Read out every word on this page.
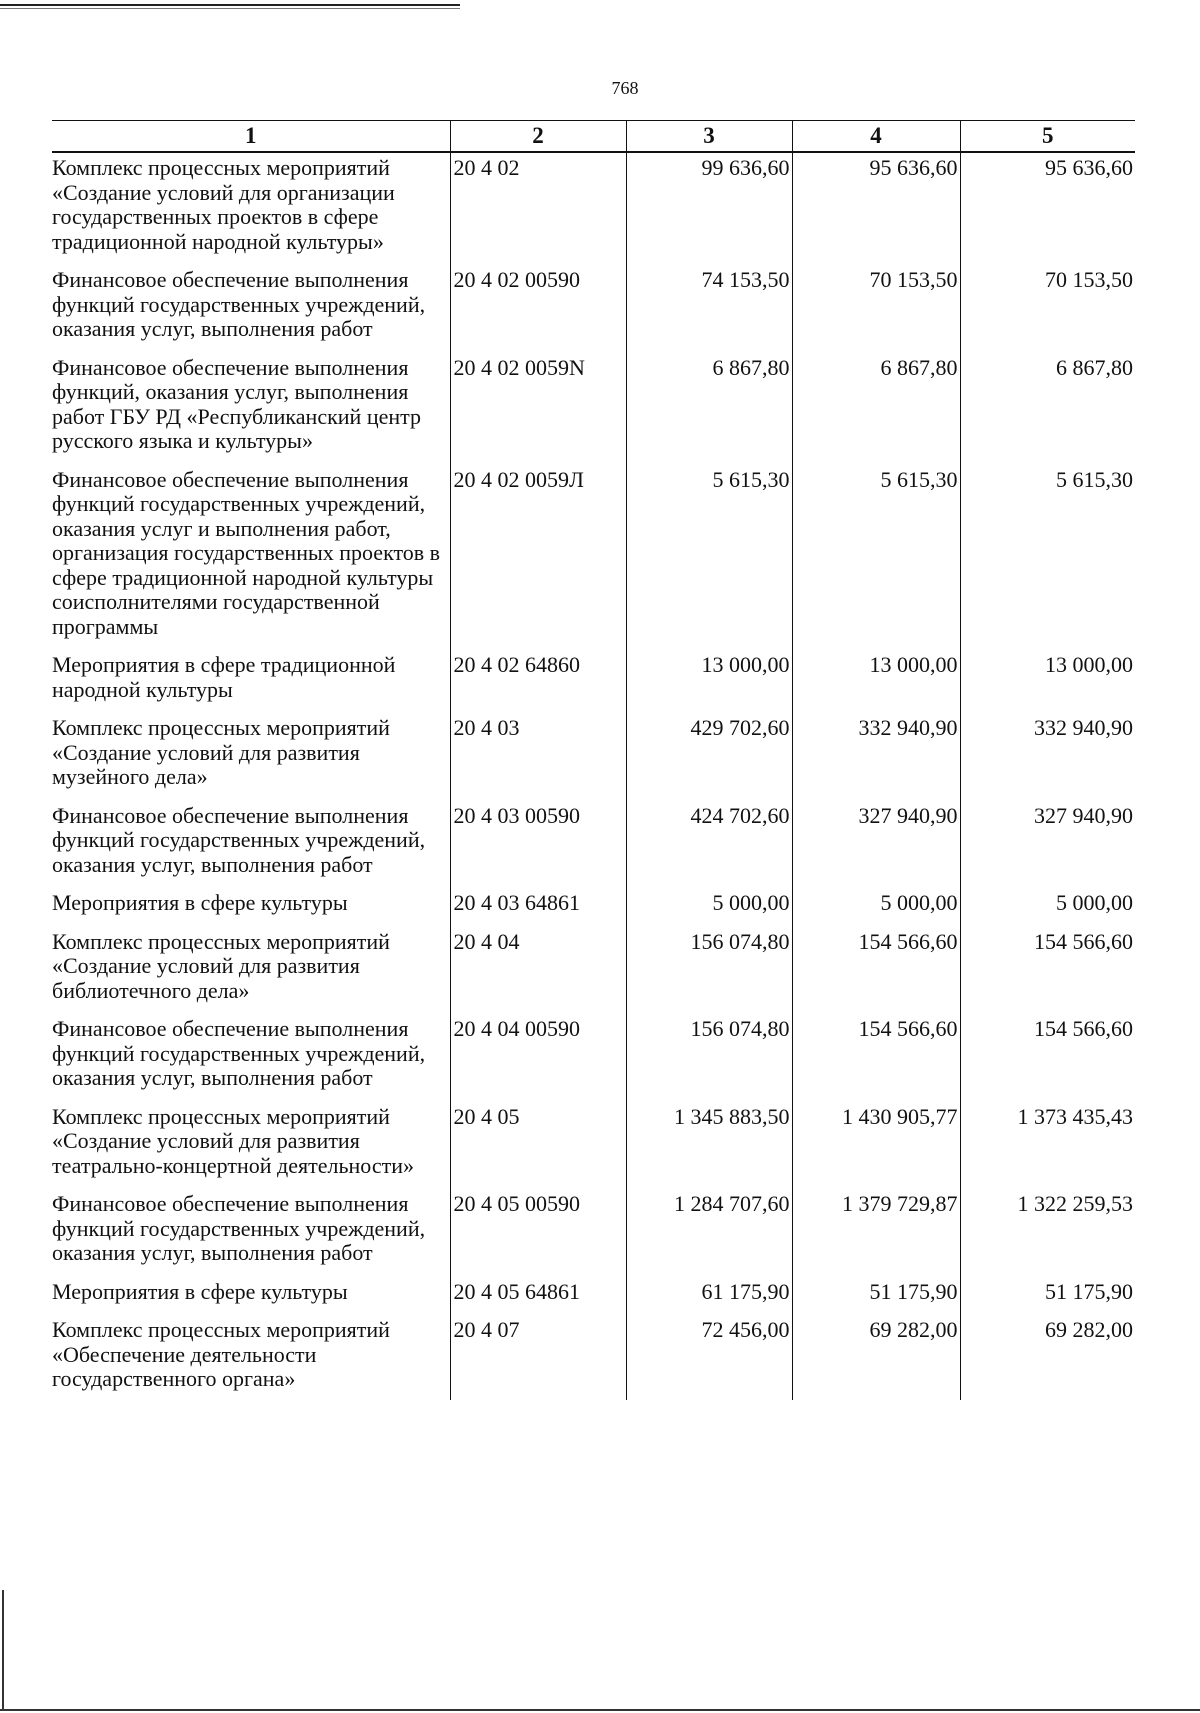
768
1	2	3	4	5
Комплекс процессных мероприятий «Создание условий для организации государственных проектов в сфере традиционной народной культуры»	20 4 02	99 636,60	95 636,60	95 636,60
Финансовое обеспечение выполнения функций государственных учреждений, оказания услуг, выполнения работ	20 4 02 00590	74 153,50	70 153,50	70 153,50
Финансовое обеспечение выполнения функций, оказания услуг, выполнения работ ГБУ РД «Республиканский центр русского языка и культуры»	20 4 02 0059N	6 867,80	6 867,80	6 867,80
Финансовое обеспечение выполнения функций государственных учреждений, оказания услуг и выполнения работ, организация государственных проектов в сфере традиционной народной культуры соисполнителями государственной программы	20 4 02 0059Л	5 615,30	5 615,30	5 615,30
Мероприятия в сфере традиционной народной культуры	20 4 02 64860	13 000,00	13 000,00	13 000,00
Комплекс процессных мероприятий «Создание условий для развития музейного дела»	20 4 03	429 702,60	332 940,90	332 940,90
Финансовое обеспечение выполнения функций государственных учреждений, оказания услуг, выполнения работ	20 4 03 00590	424 702,60	327 940,90	327 940,90
Мероприятия в сфере культуры	20 4 03 64861	5 000,00	5 000,00	5 000,00
Комплекс процессных мероприятий «Создание условий для развития библиотечного дела»	20 4 04	156 074,80	154 566,60	154 566,60
Финансовое обеспечение выполнения функций государственных учреждений, оказания услуг, выполнения работ	20 4 04 00590	156 074,80	154 566,60	154 566,60
Комплекс процессных мероприятий «Создание условий для развития театрально-концертной деятельности»	20 4 05	1 345 883,50	1 430 905,77	1 373 435,43
Финансовое обеспечение выполнения функций государственных учреждений, оказания услуг, выполнения работ	20 4 05 00590	1 284 707,60	1 379 729,87	1 322 259,53
Мероприятия в сфере культуры	20 4 05 64861	61 175,90	51 175,90	51 175,90
Комплекс процессных мероприятий «Обеспечение деятельности государственного органа»	20 4 07	72 456,00	69 282,00	69 282,00
